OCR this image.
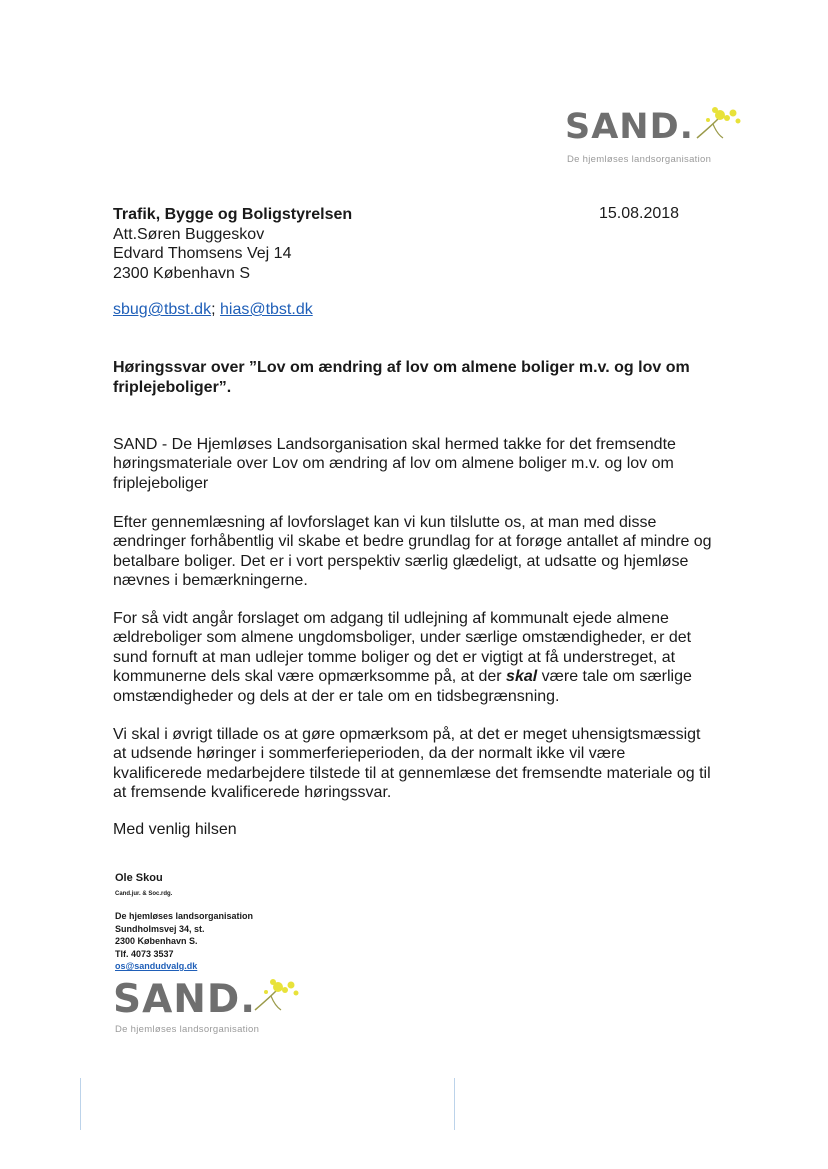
SAND.
De hjemløses landsorganisation
Trafik, Bygge og Boligstyrelsen
Att.Søren Buggeskov
Edvard Thomsens Vej 14
2300 København S
15.08.2018
sbug@tbst.dk; hias@tbst.dk
Høringssvar over ”Lov om ændring af lov om almene boliger m.v. og lov om
friplejeboliger”.
SAND - De Hjemløses Landsorganisation skal hermed takke for det fremsendte
høringsmateriale over Lov om ændring af lov om almene boliger m.v. og lov om
friplejeboliger
Efter gennemlæsning af lovforslaget kan vi kun tilslutte os, at man med disse
ændringer forhåbentlig vil skabe et bedre grundlag for at forøge antallet af mindre og
betalbare boliger. Det er i vort perspektiv særlig glædeligt, at udsatte og hjemløse
nævnes i bemærkningerne.
For så vidt angår forslaget om adgang til udlejning af kommunalt ejede almene
ældreboliger som almene ungdomsboliger, under særlige omstændigheder, er det
sund fornuft at man udlejer tomme boliger og det er vigtigt at få understreget, at
kommunerne dels skal være opmærksomme på, at der skal være tale om særlige
omstændigheder og dels at der er tale om en tidsbegrænsning.
Vi skal i øvrigt tillade os at gøre opmærksom på, at det er meget uhensigtsmæssigt
at udsende høringer i sommerferieperioden, da der normalt ikke vil være
kvalificerede medarbejdere tilstede til at gennemlæse det fremsendte materiale og til
at fremsende kvalificerede høringssvar.
Med venlig hilsen
Ole Skou
Cand.jur. & Soc.rdg.
De hjemløses landsorganisation
Sundholmsvej 34, st.
2300 København S.
Tlf. 4073 3537
os@sandudvalg.dk
SAND.
De hjemløses landsorganisation
